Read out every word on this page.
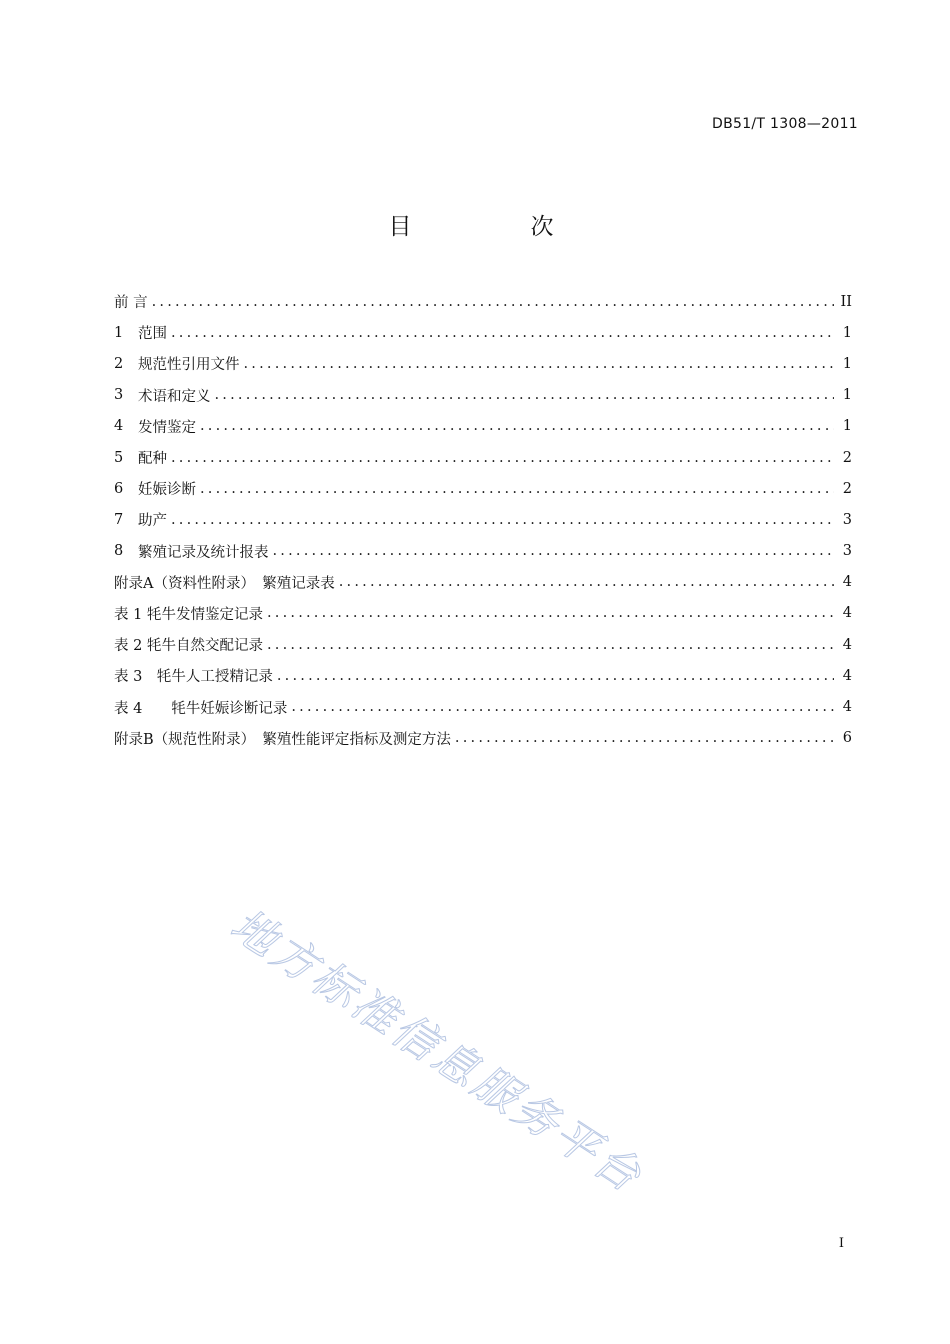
DB51/T 1308—2011
目　次
前 言 .....	II
1	范围 .....	1
2	规范性引用文件 .....	1
3	术语和定义 .....	1
4	发情鉴定 .....	1
5	配种 .....	2
6	妊娠诊断 .....	2
7	助产 .....	3
8	繁殖记录及统计报表 .....	3
附录A（资料性附录）　繁殖记录表 .....	4
表 1 牦牛发情鉴定记录 .....	4
表 2 牦牛自然交配记录 .....	4
表 3　牦牛人工授精记录 .....	4
表 4　　牦牛妊娠诊断记录 .....	4
附录B（规范性附录）　繁殖性能评定指标及测定方法 .....	6
地方标准信息服务平台
I
